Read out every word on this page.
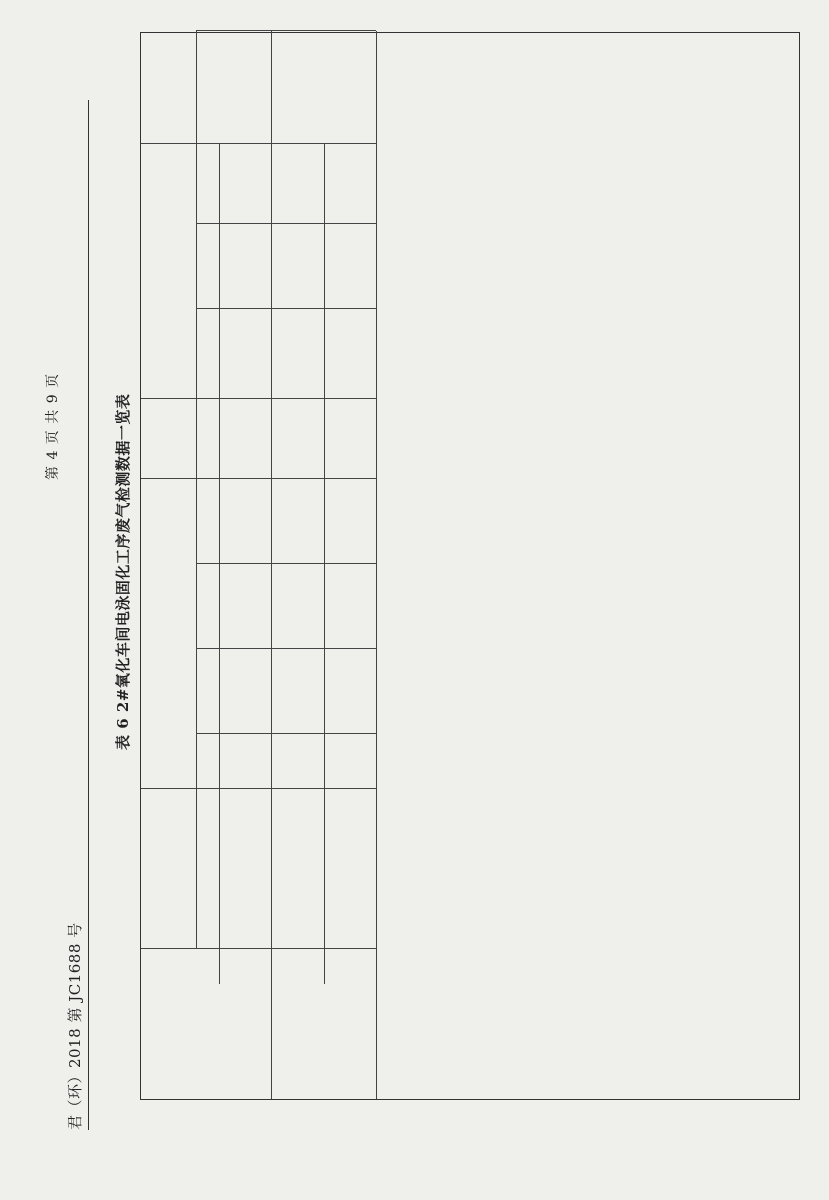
君（环）2018 第 JC1688 号
第 4 页 共 9 页	表 6 2#氧化车间电泳固化工序废气检测数据一览表
